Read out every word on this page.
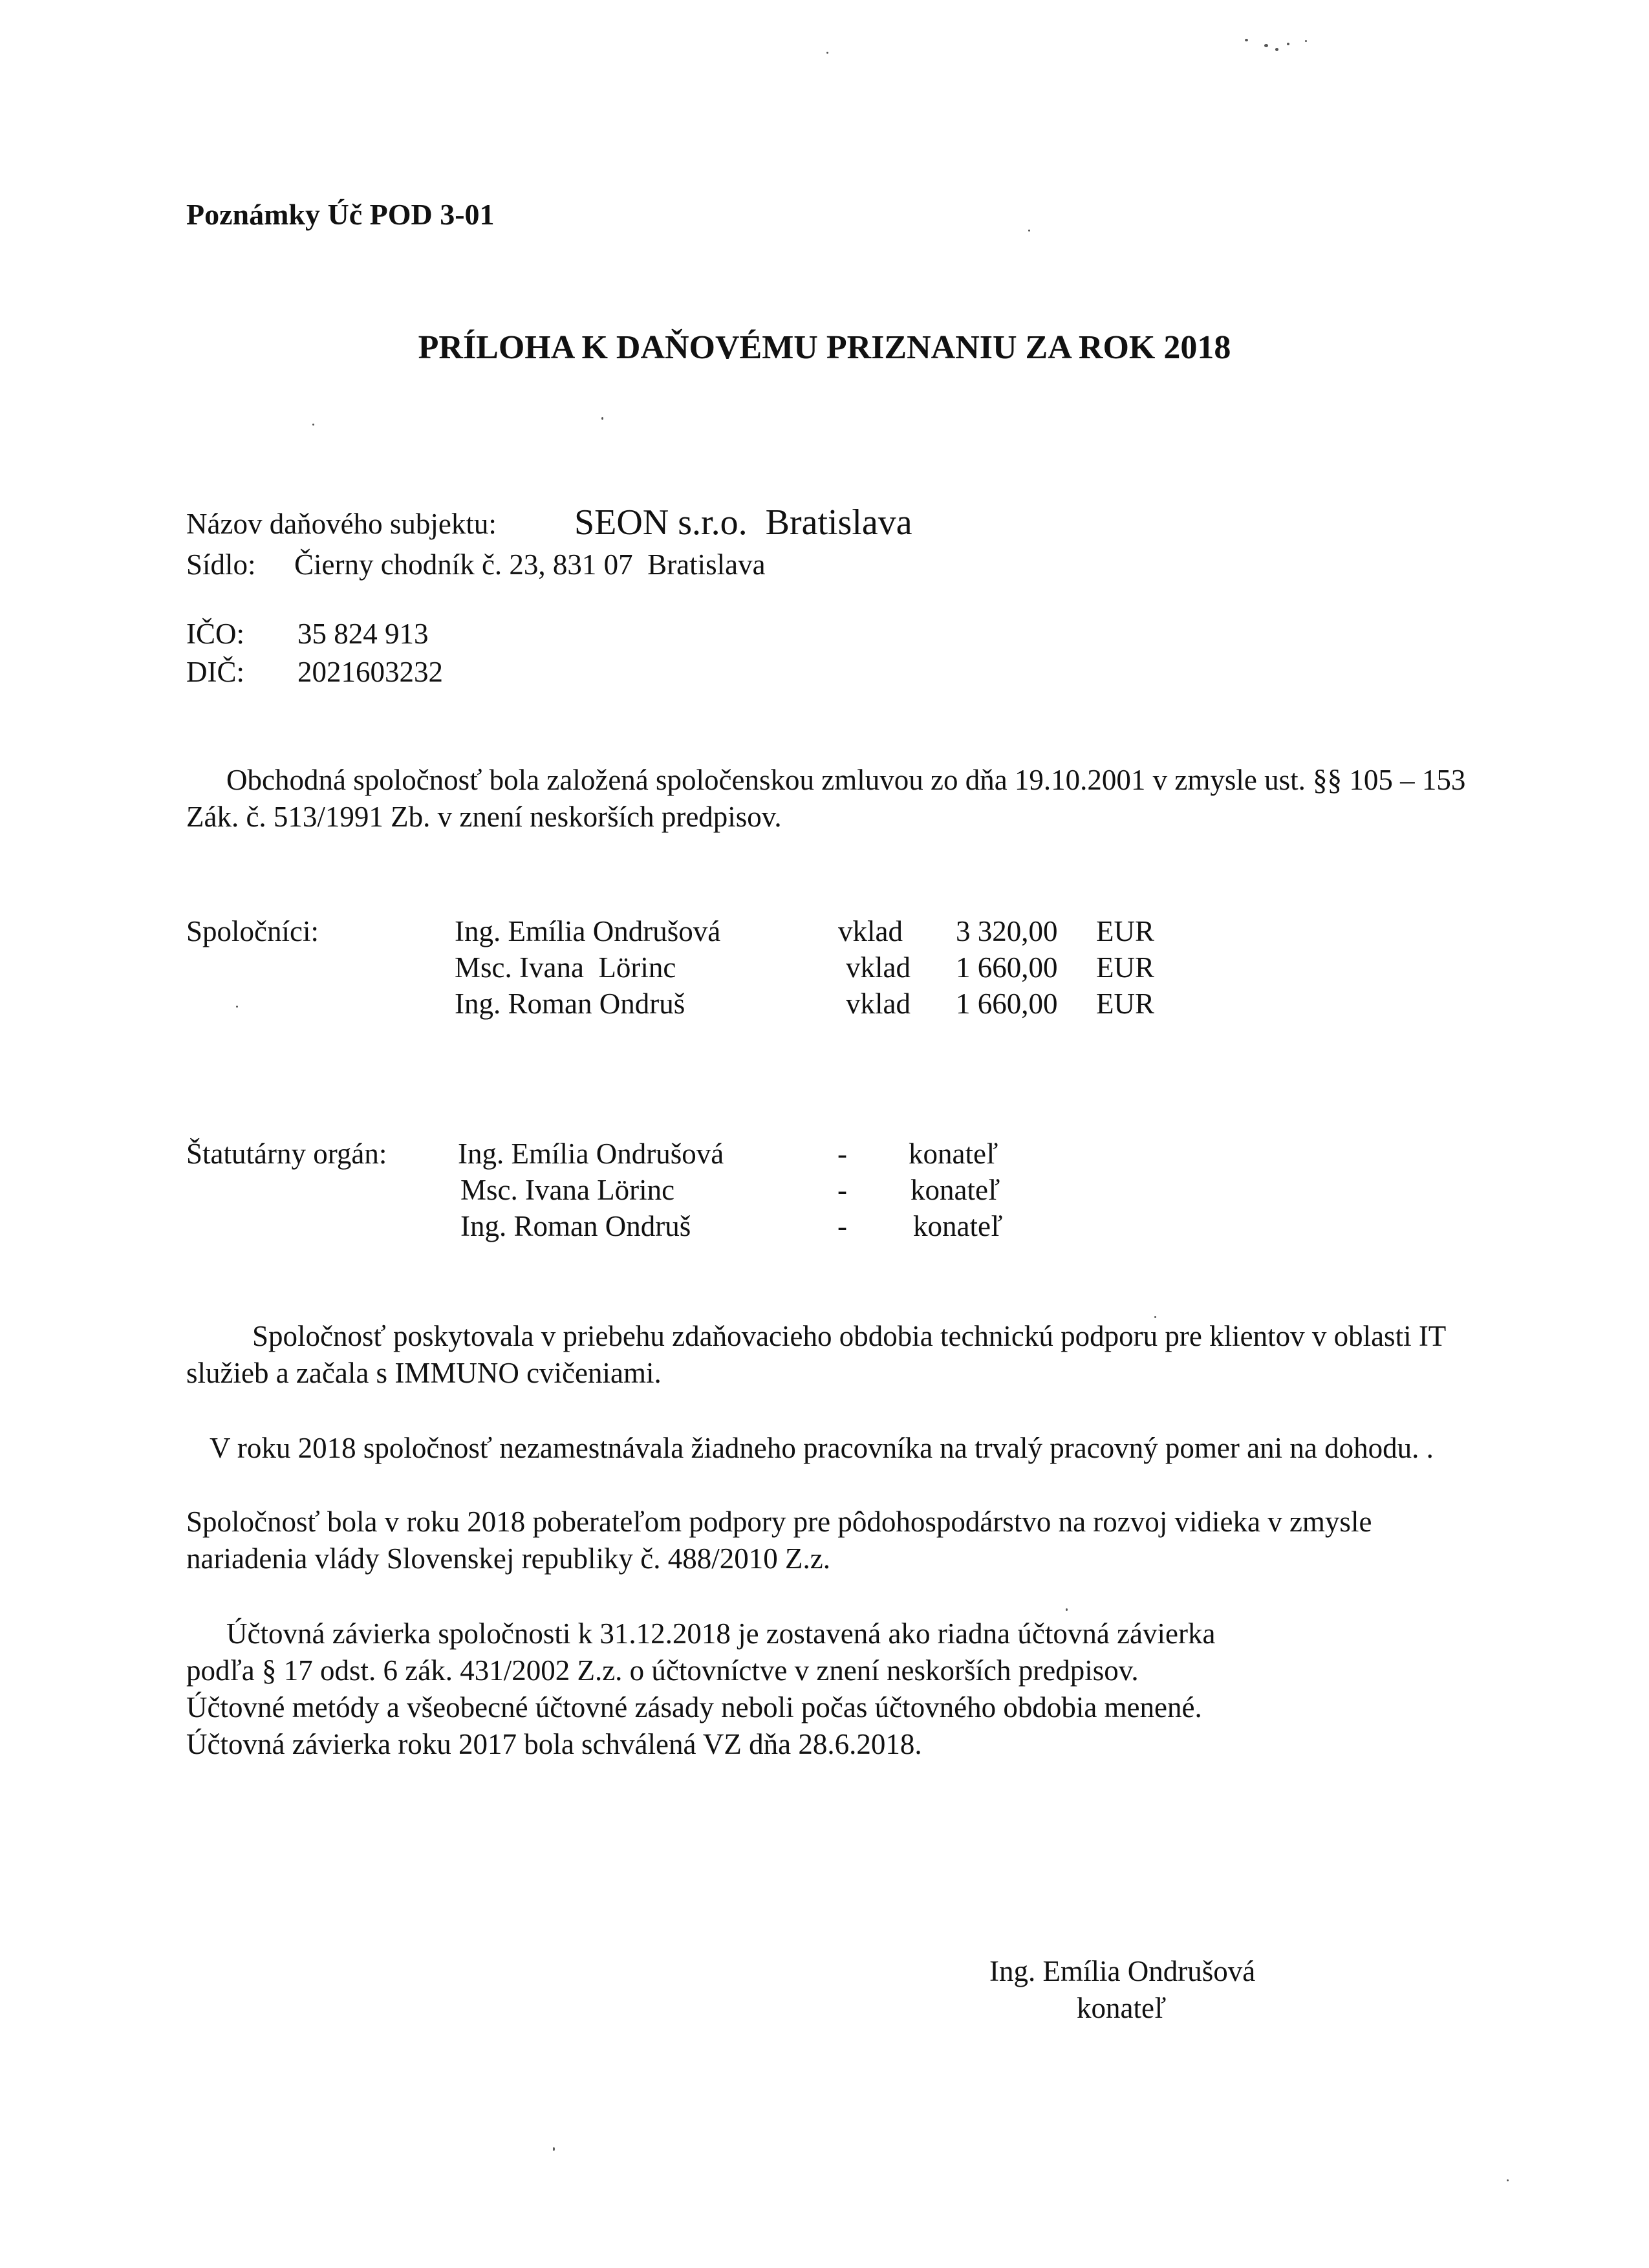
Poznámky Úč POD 3-01
PRÍLOHA K DAŇOVÉMU PRIZNANIU ZA ROK 2018
Názov daňového subjektu: SEON s.r.o.  Bratislava
Sídlo: Čierny chodník č. 23, 831 07  Bratislava
IČO: 35 824 913
DIČ: 2021603232
Obchodná spoločnosť bola založená spoločenskou zmluvou zo dňa 19.10.2001 v zmysle ust. §§ 105 – 153 Zák. č. 513/1991 Zb. v znení neskorších predpisov.
Spoločníci:	Ing. Emília Ondrušová	vklad 3 320,00 EUR
Msc. Ivana  Lörinc	vklad 1 660,00 EUR
Ing. Roman Ondruš	vklad 1 660,00 EUR
Štatutárny orgán: Ing. Emília Ondrušová	- konateľ
Msc. Ivana Lörinc	- konateľ
Ing. Roman Ondruš	- konateľ
Spoločnosť poskytovala v priebehu zdaňovacieho obdobia technickú podporu pre klientov v oblasti IT služieb a začala s IMMUNO cvičeniami.
V roku 2018 spoločnosť nezamestnávala žiadneho pracovníka na trvalý pracovný pomer ani na dohodu. .
Spoločnosť bola v roku 2018 poberateľom podpory pre pôdohospodárstvo na rozvoj vidieka v zmysle nariadenia vlády Slovenskej republiky č. 488/2010 Z.z.
Účtovná závierka spoločnosti k 31.12.2018 je zostavená ako riadna účtovná závierka
podľa § 17 odst. 6 zák. 431/2002 Z.z. o účtovníctve v znení neskorších predpisov.
Účtovné metódy a všeobecné účtovné zásady neboli počas účtovného obdobia menené.
Účtovná závierka roku 2017 bola schválená VZ dňa 28.6.2018.
Ing. Emília Ondrušová
konateľ
